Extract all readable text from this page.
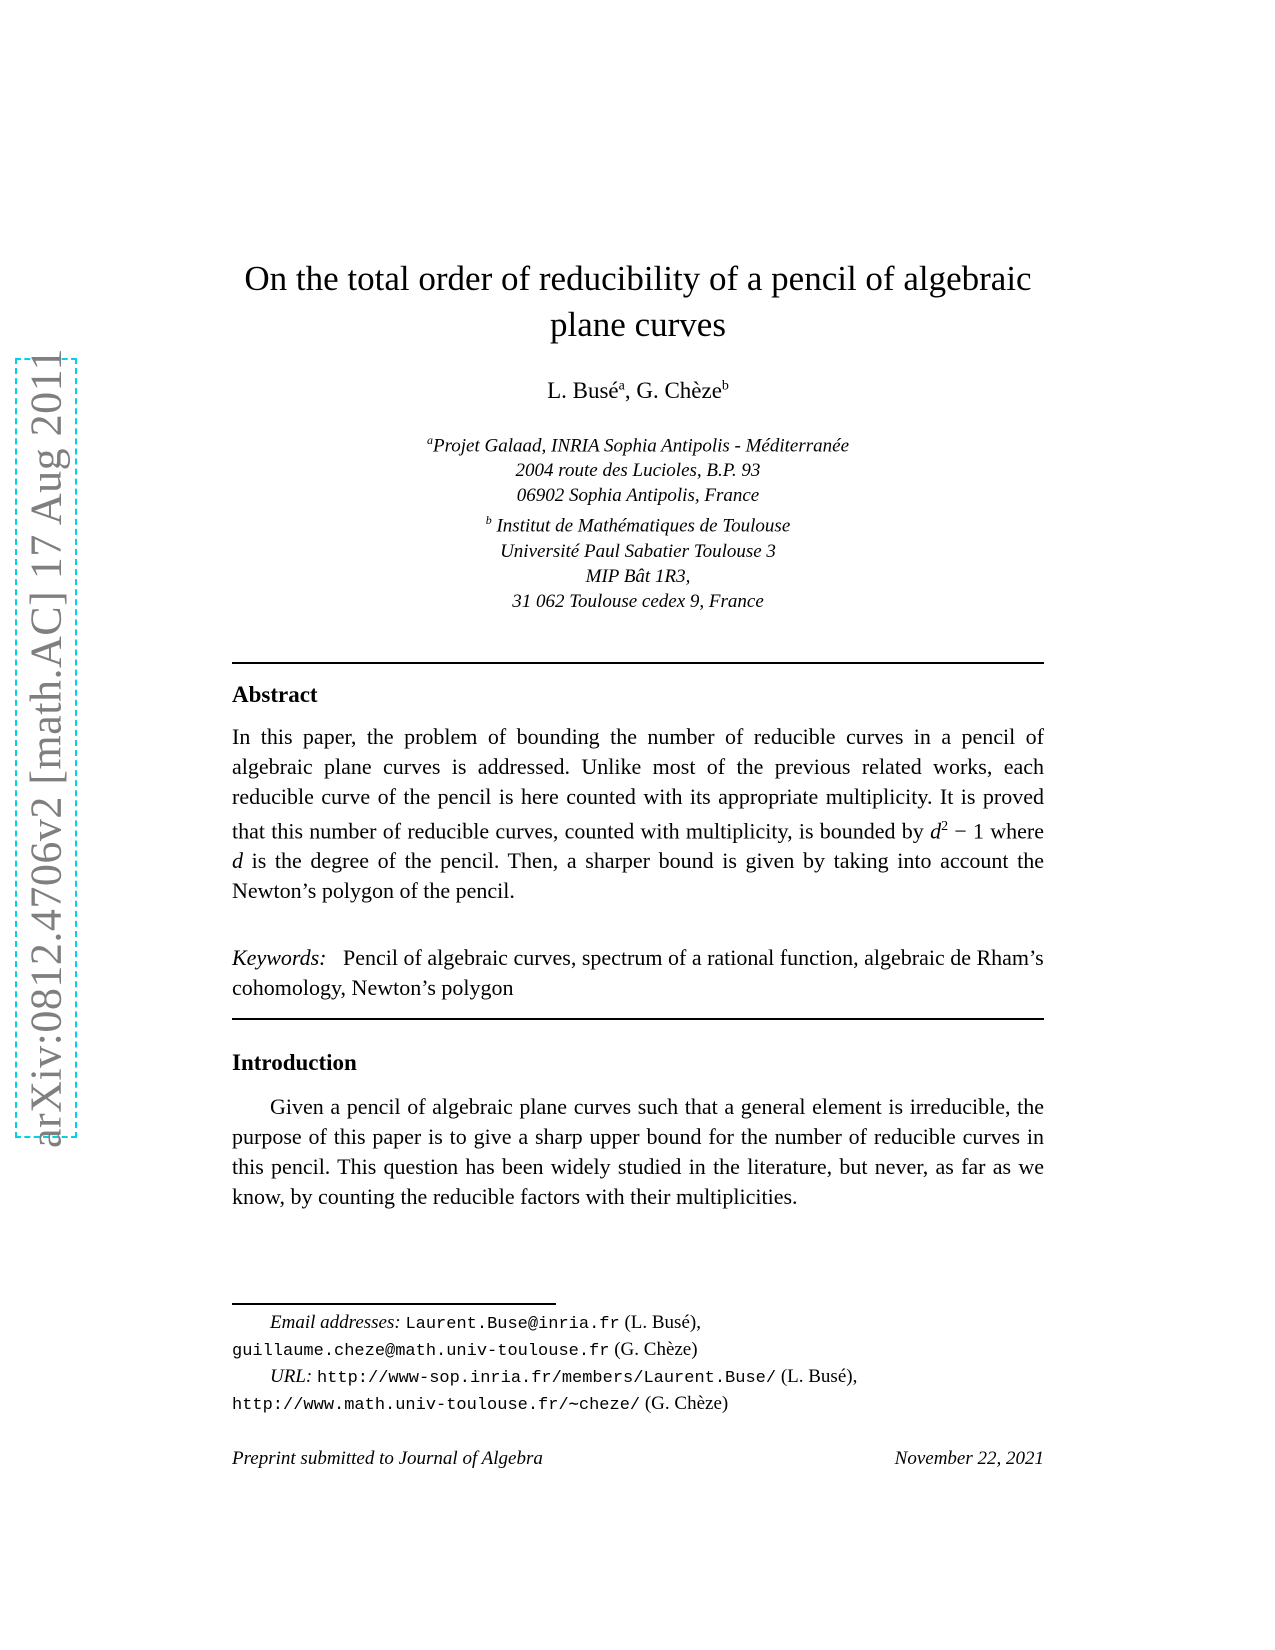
arXiv:0812.4706v2 [math.AC] 17 Aug 2011
On the total order of reducibility of a pencil of algebraic
plane curves
L. Busé$^a$, G. Chèze$^b$
$^a$Projet Galaad, INRIA Sophia Antipolis - Méditerranée
2004 route des Lucioles, B.P. 93
06902 Sophia Antipolis, France
$^b$ Institut de Mathématiques de Toulouse
Université Paul Sabatier Toulouse 3
MIP Bât 1R3,
31 062 Toulouse cedex 9, France
Abstract

In this paper, the problem of bounding the number of reducible curves in a pencil of algebraic plane curves is addressed. Unlike most of the previous related works, each reducible curve of the pencil is here counted with its appropriate multiplicity. It is proved that this number of reducible curves, counted with multiplicity, is bounded by $d^2 - 1$ where d is the degree of the pencil. Then, a sharper bound is given by taking into account the Newton’s polygon of the pencil.

Keywords: Pencil of algebraic curves, spectrum of a rational function, algebraic de Rham’s cohomology, Newton’s polygon

Introduction

Given a pencil of algebraic plane curves such that a general element is irreducible, the purpose of this paper is to give a sharp upper bound for the number of reducible curves in this pencil. This question has been widely studied in the literature, but never, as far as we know, by counting the reducible factors with their multiplicities.

Email addresses: Laurent.Buse@inria.fr (L. Busé),
guillaume.cheze@math.univ-toulouse.fr (G. Chèze)
URL: http://www-sop.inria.fr/members/Laurent.Buse/ (L. Busé),
http://www.math.univ-toulouse.fr/∼cheze/ (G. Chèze)
Preprint submitted to Journal of Algebra	November 22, 2021
